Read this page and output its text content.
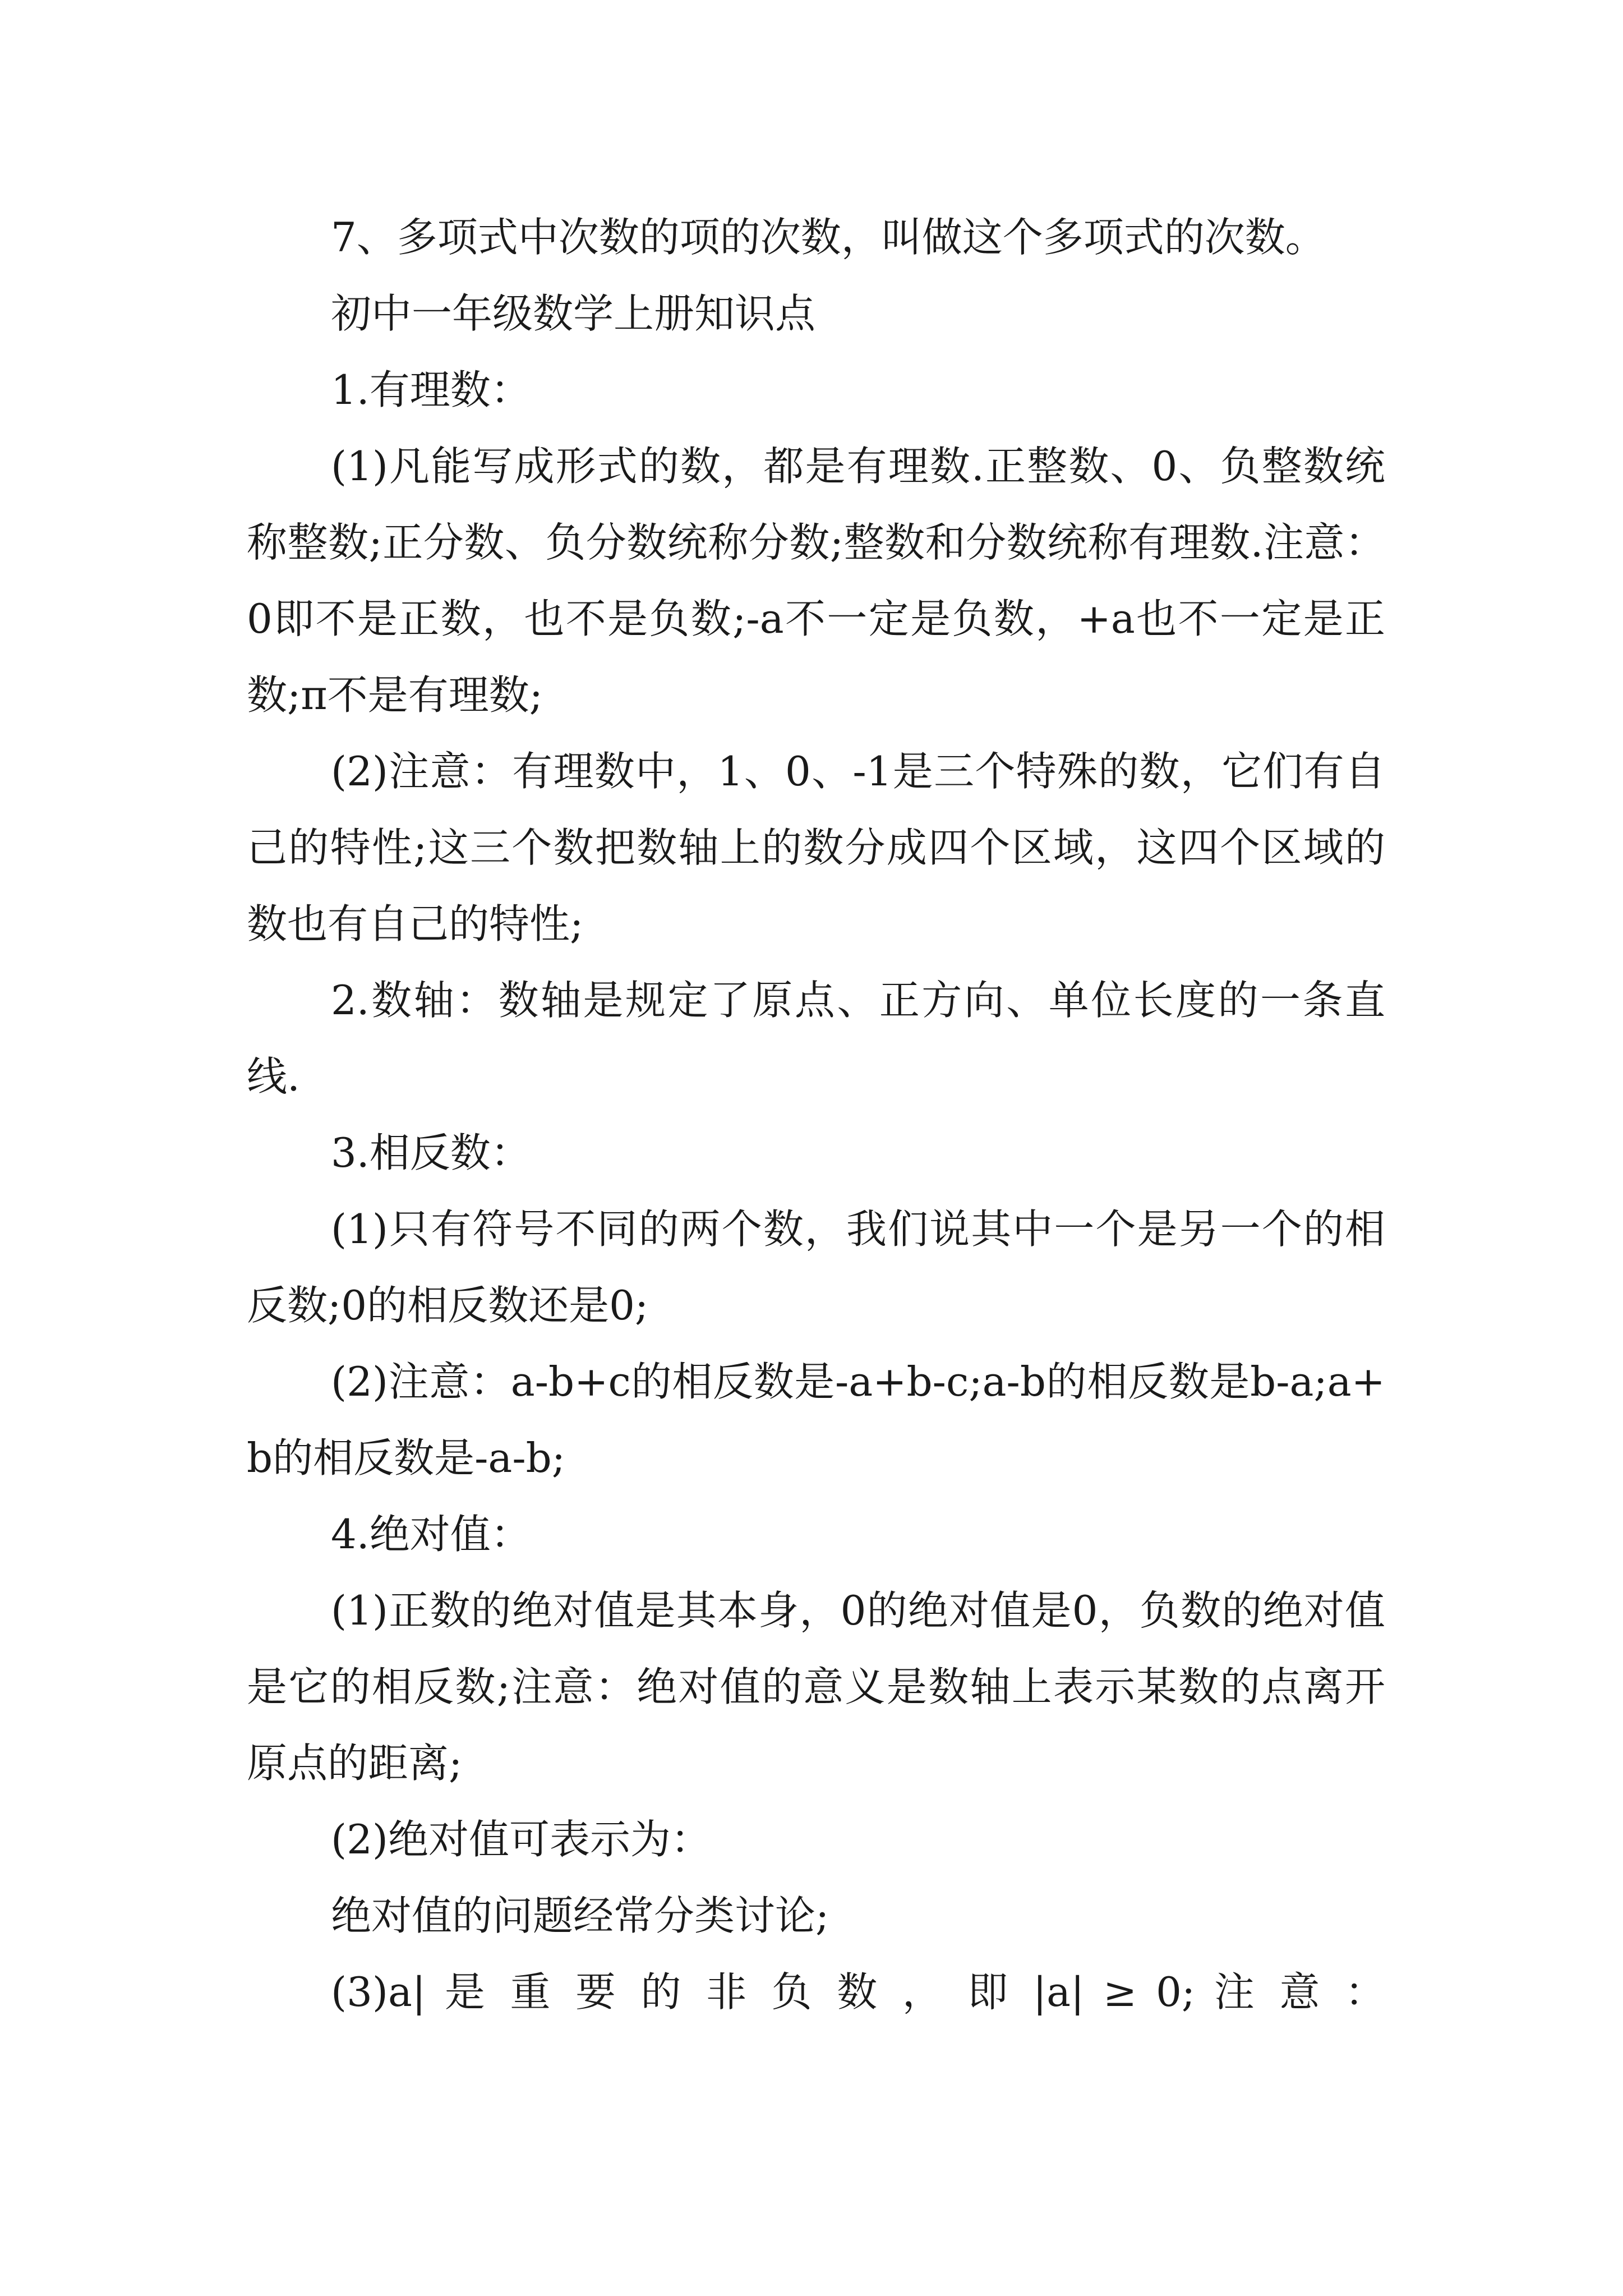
7、多项式中次数的项的次数，叫做这个多项式的次数。

初中一年级数学上册知识点

1.有理数：

(1)凡能写成形式的数，都是有理数.正整数、0、负整数统称整数;正分数、负分数统称分数;整数和分数统称有理数.注意：0即不是正数，也不是负数;-a不一定是负数，+a也不一定是正数;π不是有理数;

(2)注意：有理数中，1、0、-1是三个特殊的数，它们有自己的特性;这三个数把数轴上的数分成四个区域，这四个区域的数也有自己的特性;

2.数轴：数轴是规定了原点、正方向、单位长度的一条直线.

3.相反数：

(1)只有符号不同的两个数，我们说其中一个是另一个的相反数;0的相反数还是0;

(2)注意：a-b+c的相反数是-a+b-c;a-b的相反数是b-a;a+b的相反数是-a-b;

4.绝对值：

(1)正数的绝对值是其本身，0的绝对值是0，负数的绝对值是它的相反数;注意：绝对值的意义是数轴上表示某数的点离开原点的距离;

(2)绝对值可表示为：

绝对值的问题经常分类讨论;

(3)a| 是 重 要 的 非 负 数 ， 即 |a| ≥ 0; 注 意 ：
